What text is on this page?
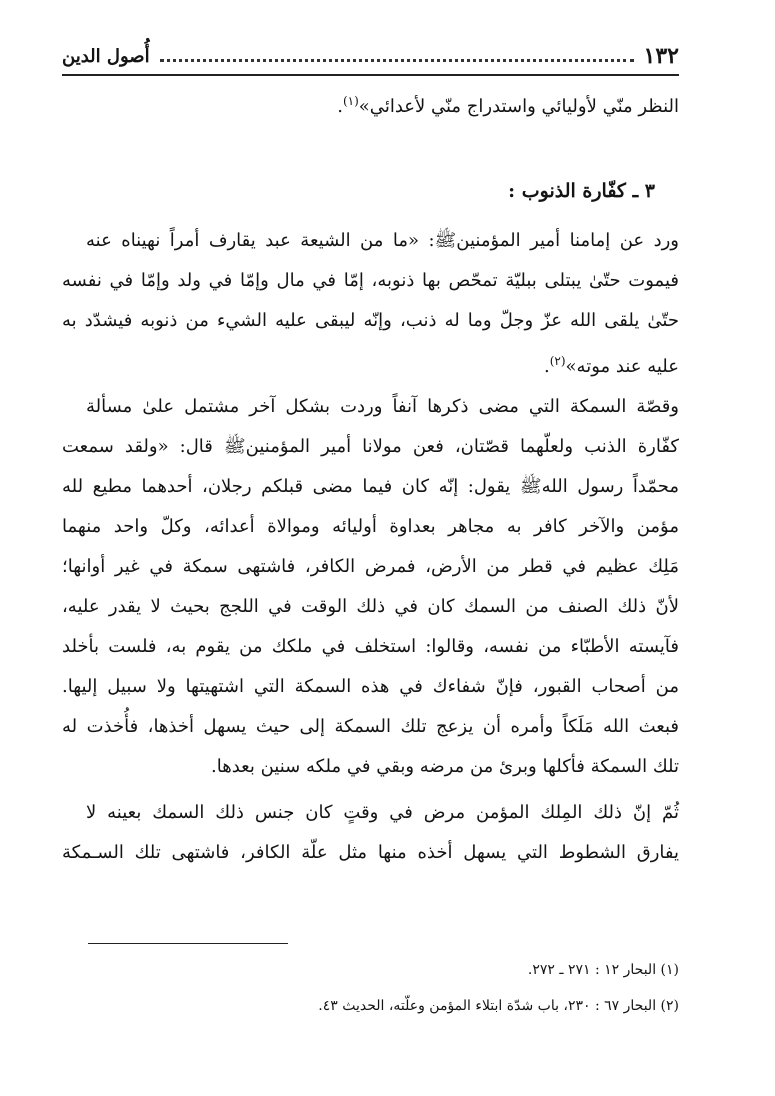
١٣٢
أُصول الدين
النظر منّي لأوليائي واستدراج منّي لأعدائي»$^{(١)}$.
٣ ـ كفّارة الذنوب :
ورد عن إمامنا أمير المؤمنينﷺ: «ما من الشيعة عبد يقارف أمراً نهيناه عنه
فيموت حتّىٰ يبتلى ببليّة تمحّص بها ذنوبه، إمّا في مال وإمّا في ولد وإمّا في نفسه
حتّىٰ يلقى الله عزّ وجلّ وما له ذنب، وإنّه ليبقى عليه الشيء من ذنوبه فيشدّد به
عليه عند موته»$^{(٢)}$.
وقصّة السمكة التي مضى ذكرها آنفاً وردت بشكل آخر مشتمل علىٰ مسألة
كفّارة الذنب ولعلّهما قصّتان، فعن مولانا أمير المؤمنينﷺ قال: «ولقد سمعت
محمّداً رسول اللهﷺ يقول: إنّه كان فيما مضى قبلكم رجلان، أحدهما مطيع لله
مؤمن والآخر كافر به مجاهر بعداوة أوليائه وموالاة أعدائه، وكلّ واحد منهما
مَلِك عظيم في قطر من الأرض، فمرض الكافر، فاشتهى سمكة في غير أوانها؛
لأنّ ذلك الصنف من السمك كان في ذلك الوقت في اللجج بحيث لا يقدر عليه،
فآيسته الأطبّاء من نفسه، وقالوا: استخلف في ملكك من يقوم به، فلست بأخلد
من أصحاب القبور، فإنّ شفاءك في هذه السمكة التي اشتهيتها ولا سبيل إليها.
فبعث الله مَلَكاً وأمره أن يزعج تلك السمكة إلى حيث يسهل أخذها، فأُخذت له
تلك السمكة فأكلها وبرئ من مرضه وبقي في ملكه سنين بعدها.
ثُمّ إنّ ذلك المِلك المؤمن مرض في وقتٍ كان جنس ذلك السمك بعينه لا
يفارق الشطوط التي يسهل أخذه منها مثل علّة الكافر، فاشتهى تلك السـمكة
(١) البحار ١٢ : ٢٧١ ـ ٢٧٢.
(٢) البحار ٦٧ : ٢٣٠، باب شدّة ابتلاء المؤمن وعلّته، الحديث ٤٣.
